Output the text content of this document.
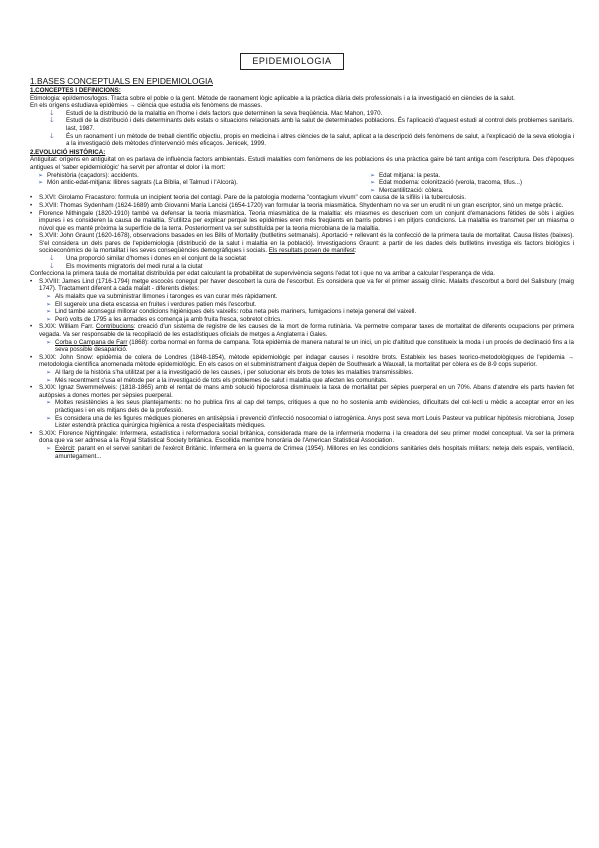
EPIDEMIOLOGIA
1.BASES CONCEPTUALS EN EPIDEMIOLOGIA
1.CONCEPTES I DEFINICIONS:

Etimologia: epi/demos/logos. Tracta sobre el poble o la gent. Mètode de raonament lògic aplicable a la pràctica diària dels professionals i a la investigació en ciències de la salut.

En els orígens estudiava epidèmies → ciència que estudia els fenòmens de masses.

🡓	Estudi de la distribució de la malaltia en l'home i dels factors que determinen la seva freqüència. Mac Mahon, 1970.
🡓	Estudi de la distribució i dels determinants dels estats o situacions relacionats amb la salut de determinades poblacions. És l'aplicació d'aquest estudi al control dels problemes sanitaris. last, 1987.
🡓	És un raonament i un mètode de treball científic objectiu, propis en medicina i altres ciències de la salut, aplicat a la descripció dels fenòmens de salut, a l'explicació de la seva etiologia i a la investigació dels mètodes d'intervenció més eficaços. Jenicek, 1999.
2.EVOLUCIÓ HISTÒRICA:

Antiguitat: orígens en antiguitat on es parlava de influència factors ambientals. Estudi malalties com fenòmens de les poblacions és una pràctica gaire bé tant antiga com l'escriptura. Des d'èpoques antigues el 'saber epidemiològic' ha servit per afrontar el dolor i la mort:

➢ Prehistòria (caçadors): accidents.
➢ Món antic-edat-mitjana: llibres sagrats (La Bíblia, el Talmud i l'Alcorà).
➢ Edat mitjana: la pesta.
➢ Edat moderna: colonització (verola, tracoma, tifus...)
➢ Mercantilització: còlera.
•	S.XVI: Girolamo Fracastoro: formula un incipient teoria del contagi. Pare de la patologia moderna "contagium vivum" com causa de la sífilis i la tuberculosis.
•	S.XVII: Thomas Sydenham (1624-1689) amb Giovanni María Lancisi (1654-1720) van formular la teoria miasmàtica. Shydenham no va ser un erudit ni un gran escriptor, sinó un metge pràctic.
•	Florence Nithingale (1820-1910) també va defensar la teoria miasmàtica. Teoria miasmàtica de la malaltia: els miasmes es descriuen com un conjunt d'emanacions fètides de sòls i aigües impures i es consideren la causa de malaltia. S'utilitza per explicar perquè les epidèmies eren més freqüents en barris pobres i en pitjors condicions. La malaltia es transmet per un miasma o núvol que es mantè pròxima la superfície de la terra. Posteriorment va ser substituïda per la teoria microbiana de la malaltia.
•	S.XVII: John Graunt (1620-1678), observacions basades en les Bills of Mortality (butlletins setmanals). Aportació + rellevant és la confecció de la primera taula de mortalitat. Causa llistes (baixes). S'el considera un dels pares de l'epidemiologia (distribució de la salut i malaltia en la població). Investigacions Graunt: a partir de les dades dels butlletins investiga els factors biològics i socioeconòmics de la mortalitat i les seves conseqüències demogràfiques i socials. Els resultats posen de manifest:
🡓	Una proporció similar d'homes i dones en el conjunt de la societat
🡓	Els moviments migratoris del medi rural a la ciutat

Confecciona la primera taula de mortalitat distribuïda per edat calculant la probabilitat de supervivència segons l'edat tot i que no va arribar a calcular l'esperança de vida.

•	S.XVIII: James Lind (1716-1794) metge escocès conegut per haver descobert la cura de l'escorbut. Es considera que va fer el primer assaig clínic. Malalts d'escorbut a bord del Salisbury (maig 1747). Tractament diferent a cada malalt - diferents dietes:
➢ Als malalts que va subministrar llimones i taronges es van curar més ràpidament.
➢ Ell sugereix una dieta escassa en fruites i verdures patien més l'escorbut.
➢ Lind també aconsegui millorar condicions higièniques dels vaixells: roba neta pels mariners, fumigacions i neteja general del vaixell.
➢ Però volts de 1795 a les armades es comença ja amb fruita fresca, sobretot cítrics.
•	S.XIX: William Farr. Contribucions: creació d'un sistema de registre de les causes de la mort de forma rutinària. Va permetre comparar taxes de mortalitat de diferents ocupacions per primera vegada. Va ser responsable de la recopilació de les estadístiques oficials de metges a Anglaterra i Gales.
➢ Corba o Campana de Farr (1868): corba normal en forma de campana. Tota epidèmia de manera natural te un inici, un pic d'altitud que constitueix la moda i un procés de declinació fins a la seva possible desaparició.
•	S.XIX: John Snow: epidèmia de colera de Londres (1848-1854), mètode epidemiològic per indagar causes i resoldre brots. Estableix les bases teorico-metodològiques de l'epidemia → metodologia científica anomenada mètode epidemiològic. En els casos on el subministrament d'aigua depèn de Southwark a Wauxall, la mortalitat per còlera es de 8-9 cops superior.
➢ Al llarg de la història s'ha utilitzat per a la investigació de les causes, i per solucionar els brots de totes les malalties transmissibles.
➢ Més recentment s'usa el mètode per a la investigació de tots els problemes de salut i malaltia que afecten les comunitats.
•	S.XIX: Ignaz Swemmelweis: (1818-1865) amb el rentat de mans amb solució hipoclorosa disminueix la taxa de mortalitat per sèpies puerperal en un 70%. Abans d'atendre els parts havien fet autòpsies a dones mortes per sèpsies puerperal.
➢ Moltes resistències a les seus plantejaments: no ho publica fins al cap del temps, critiques a que no ho sostenia amb evidències, dificultats del col·lecti u mèdic a acceptar error en les pràctiques i en els mitjans dels de la professió.
➢ Es considera una de les figures mèdiques pioneres en antisèpsia i prevenció d'infecció nosocomial o iatrogènica. Anys post seva mort Louis Pasteur va publicar hipòtesis microbiana, Josep Lister estendrà pràctica quirúrgica higiènica a resta d'especialitats mèdiques.
•	S.XIX: Florence Nightingale: Infermera, estadística i reformadora social britànica, considerada mare de la infermeria moderna i la creadora del seu primer model conceptual. Va ser la primera dona que va ser admesa a la Royal Statistical Society britànica. Escollida membre honorària de l'American Statistical Association.
➢ Exèrcit: parant en el servei sanitari de l'exèrcit Britànic. Infermera en la guerra de Crimea (1954). Millores en les condicions sanitàries dels hospitals militars: neteja dels espais, ventilació, amuntegament...
